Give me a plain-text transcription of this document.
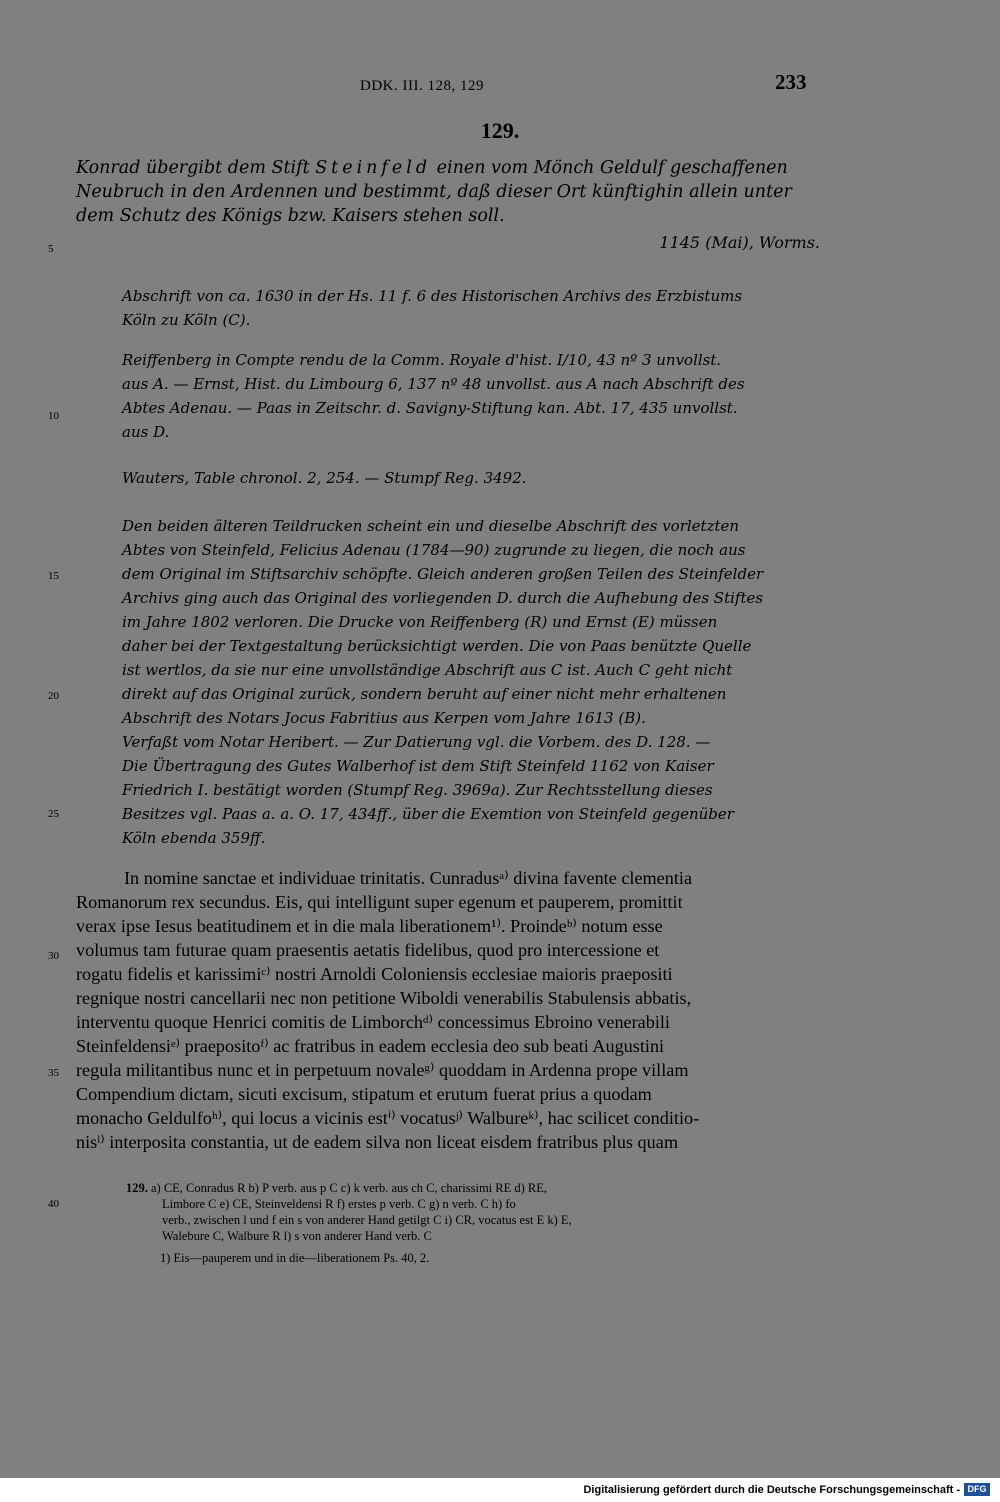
DDK. III. 128, 129	233
129.
Konrad übergibt dem Stift Steinfeld einen vom Mönch Geldulf geschaffenen
Neubruch in den Ardennen und bestimmt, daß dieser Ort künftighin allein unter
dem Schutz des Königs bzw. Kaisers stehen soll.
1145 (Mai), Worms.
5
10
15
20
25
30
35
40
Abschrift von ca. 1630 in der Hs. 11 f. 6 des Historischen Archivs des Erzbistums
Köln zu Köln (C).
Reiffenberg in Compte rendu de la Comm. Royale d'hist. I/10, 43 nº 3 unvollst.
aus A. — Ernst, Hist. du Limbourg 6, 137 nº 48 unvollst. aus A nach Abschrift des
Abtes Adenau. — Paas in Zeitschr. d. Savigny-Stiftung kan. Abt. 17, 435 unvollst.
aus D.
Wauters, Table chronol. 2, 254. — Stumpf Reg. 3492.
Den beiden älteren Teildrucken scheint ein und dieselbe Abschrift des vorletzten
Abtes von Steinfeld, Felicius Adenau (1784—90) zugrunde zu liegen, die noch aus
dem Original im Stiftsarchiv schöpfte. Gleich anderen großen Teilen des Steinfelder
Archivs ging auch das Original des vorliegenden D. durch die Aufhebung des Stiftes
im Jahre 1802 verloren. Die Drucke von Reiffenberg (R) und Ernst (E) müssen
daher bei der Textgestaltung berücksichtigt werden. Die von Paas benützte Quelle
ist wertlos, da sie nur eine unvollständige Abschrift aus C ist. Auch C geht nicht
direkt auf das Original zurück, sondern beruht auf einer nicht mehr erhaltenen
Abschrift des Notars Jocus Fabritius aus Kerpen vom Jahre 1613 (B).
Verfaßt vom Notar Heribert. — Zur Datierung vgl. die Vorbem. des D. 128. —
Die Übertragung des Gutes Walberhof ist dem Stift Steinfeld 1162 von Kaiser
Friedrich I. bestätigt worden (Stumpf Reg. 3969a). Zur Rechtsstellung dieses
Besitzes vgl. Paas a. a. O. 17, 434ff., über die Exemtion von Steinfeld gegenüber
Köln ebenda 359ff.
In nomine sanctae et individuae trinitatis. Cunradusᵃ⁾ divina favente clementia
Romanorum rex secundus. Eis, qui intelligunt super egenum et pauperem, promittit
verax ipse Iesus beatitudinem et in die mala liberationem¹⁾. Proindeᵇ⁾ notum esse
volumus tam futurae quam praesentis aetatis fidelibus, quod pro intercessione et
rogatu fidelis et karissimiᶜ⁾ nostri Arnoldi Coloniensis ecclesiae maioris praepositi
regnique nostri cancellarii nec non petitione Wiboldi venerabilis Stabulensis abbatis,
interventu quoque Henrici comitis de Limborchᵈ⁾ concessimus Ebroino venerabili
Steinfeldensiᵉ⁾ praepositoᶠ⁾ ac fratribus in eadem ecclesia deo sub beati Augustini
regula militantibus nunc et in perpetuum novaleᵍ⁾ quoddam in Ardenna prope villam
Compendium dictam, sicuti excisum, stipatum et erutum fuerat prius a quodam
monacho Geldulfoʰ⁾, qui locus a vicinis estⁱ⁾ vocatusʲ⁾ Walbureᵏ⁾, hac scilicet conditio-
nisˡ⁾ interposita constantia, ut de eadem silva non liceat eisdem fratribus plus quam
129. a) CE, Conradus R b) P verb. aus p C c) k verb. aus ch C, charissimi RE d) RE,
Limbore C e) CE, Steinveldensi R f) erstes p verb. C g) n verb. C h) fo
verb., zwischen l und f ein s von anderer Hand getilgt C i) CR, vocatus est E k) E,
Walebure C, Walbure R l) s von anderer Hand verb. C
1) Eis—pauperem und in die—liberationem Ps. 40, 2.
Digitalisierung gefördert durch die Deutsche Forschungsgemeinschaft - DFG
